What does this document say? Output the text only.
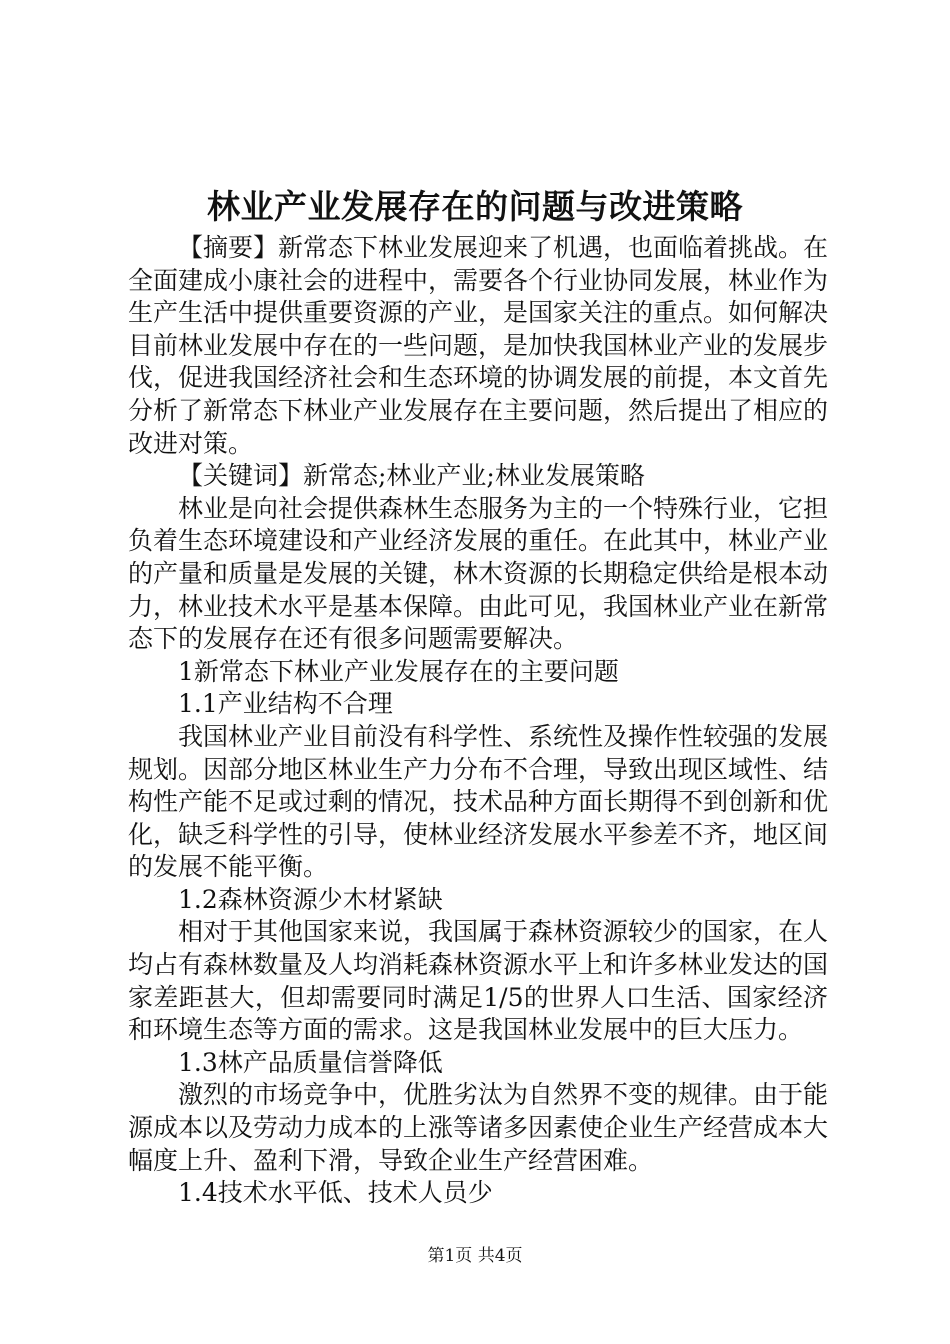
林业产业发展存在的问题与改进策略

【摘要】新常态下林业发展迎来了机遇，也面临着挑战。在全面建成小康社会的进程中，需要各个行业协同发展，林业作为生产生活中提供重要资源的产业，是国家关注的重点。如何解决目前林业发展中存在的一些问题，是加快我国林业产业的发展步伐，促进我国经济社会和生态环境的协调发展的前提，本文首先分析了新常态下林业产业发展存在主要问题，然后提出了相应的改进对策。

【关键词】新常态;林业产业;林业发展策略

林业是向社会提供森林生态服务为主的一个特殊行业，它担负着生态环境建设和产业经济发展的重任。在此其中，林业产业的产量和质量是发展的关键，林木资源的长期稳定供给是根本动力，林业技术水平是基本保障。由此可见，我国林业产业在新常态下的发展存在还有很多问题需要解决。

1新常态下林业产业发展存在的主要问题

1.1产业结构不合理

我国林业产业目前没有科学性、系统性及操作性较强的发展规划。因部分地区林业生产力分布不合理，导致出现区域性、结构性产能不足或过剩的情况，技术品种方面长期得不到创新和优化，缺乏科学性的引导，使林业经济发展水平参差不齐，地区间的发展不能平衡。

1.2森林资源少木材紧缺

相对于其他国家来说，我国属于森林资源较少的国家，在人均占有森林数量及人均消耗森林资源水平上和许多林业发达的国家差距甚大，但却需要同时满足1/5的世界人口生活、国家经济和环境生态等方面的需求。这是我国林业发展中的巨大压力。

1.3林产品质量信誉降低

激烈的市场竞争中，优胜劣汰为自然界不变的规律。由于能源成本以及劳动力成本的上涨等诸多因素使企业生产经营成本大幅度上升、盈利下滑，导致企业生产经营困难。

1.4技术水平低、技术人员少

第1页 共4页
